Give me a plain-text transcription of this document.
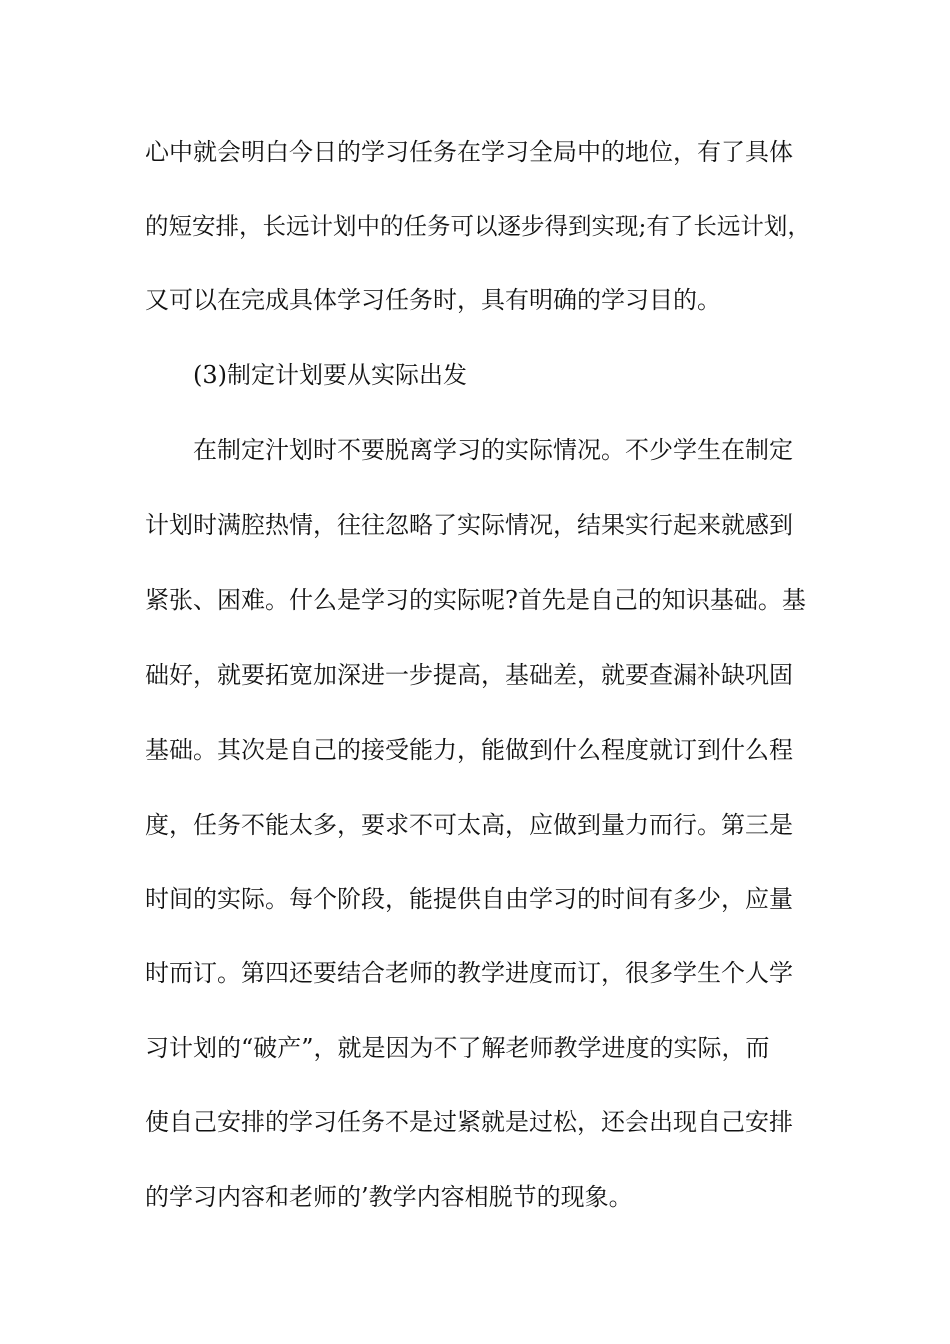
心中就会明白今日的学习任务在学习全局中的地位，有了具体
的短安排，长远计划中的任务可以逐步得到实现;有了长远计划，
又可以在完成具体学习任务时，具有明确的学习目的。
(3)制定计划要从实际出发
在制定汁划时不要脱离学习的实际情况。不少学生在制定
计划时满腔热情，往往忽略了实际情况，结果实行起来就感到
紧张、困难。什么是学习的实际呢?首先是自己的知识基础。基
础好，就要拓宽加深进一步提高，基础差，就要查漏补缺巩固
基础。其次是自己的接受能力，能做到什么程度就订到什么程
度，任务不能太多，要求不可太高，应做到量力而行。第三是
时间的实际。每个阶段，能提供自由学习的时间有多少，应量
时而订。第四还要结合老师的教学进度而订，很多学生个人学
习计划的“破产”，就是因为不了解老师教学进度的实际，而
使自己安排的学习任务不是过紧就是过松，还会出现自己安排
的学习内容和老师的’教学内容相脱节的现象。
